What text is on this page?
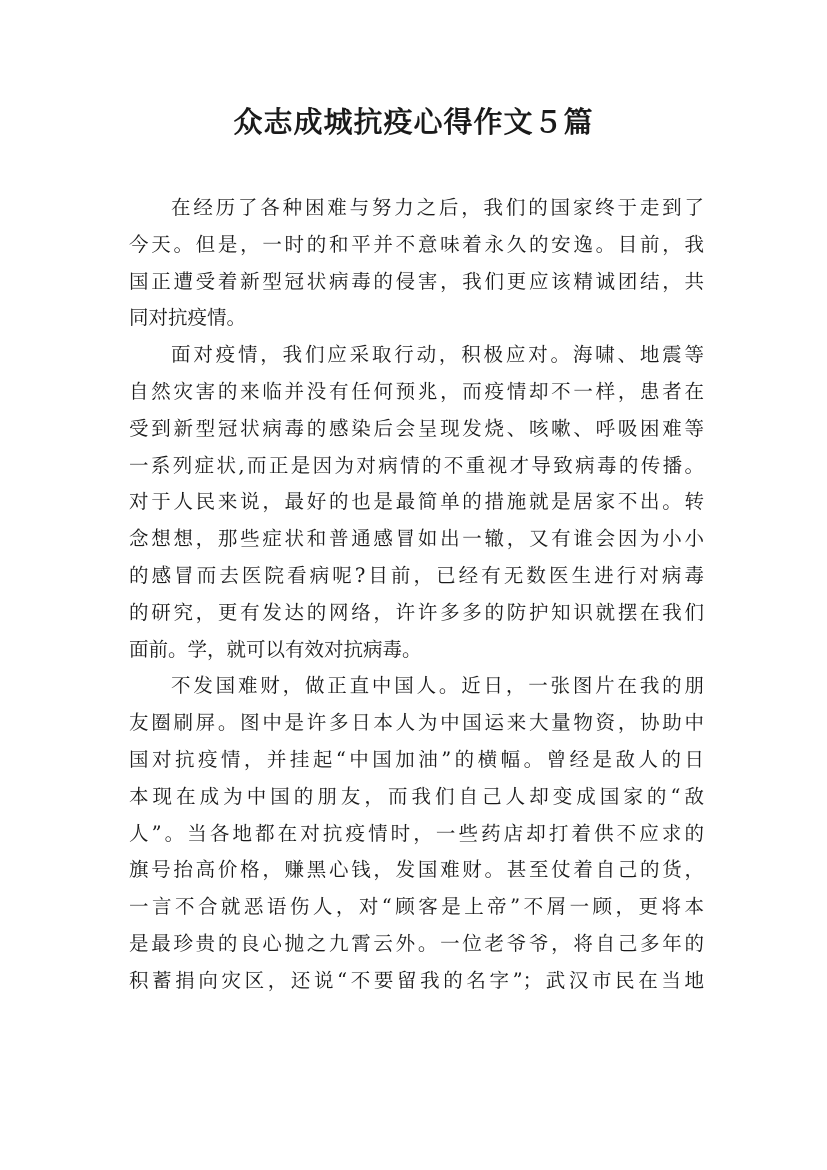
众志成城抗疫心得作文５篇
在经历了各种困难与努力之后，我们的国家终于走到了
今天。但是，一时的和平并不意味着永久的安逸。目前，我
国正遭受着新型冠状病毒的侵害，我们更应该精诚团结，共
同对抗疫情。
面对疫情，我们应采取行动，积极应对。海啸、地震等
自然灾害的来临并没有任何预兆，而疫情却不一样，患者在
受到新型冠状病毒的感染后会呈现发烧、咳嗽、呼吸困难等
一系列症状,而正是因为对病情的不重视才导致病毒的传播。
对于人民来说，最好的也是最简单的措施就是居家不出。转
念想想，那些症状和普通感冒如出一辙，又有谁会因为小小
的感冒而去医院看病呢?目前，已经有无数医生进行对病毒
的研究，更有发达的网络，许许多多的防护知识就摆在我们
面前。学，就可以有效对抗病毒。
不发国难财，做正直中国人。近日，一张图片在我的朋
友圈刷屏。图中是许多日本人为中国运来大量物资，协助中
国对抗疫情，并挂起“中国加油”的横幅。曾经是敌人的日
本现在成为中国的朋友，而我们自己人却变成国家的“敌
人”。当各地都在对抗疫情时，一些药店却打着供不应求的
旗号抬高价格，赚黑心钱，发国难财。甚至仗着自己的货，
一言不合就恶语伤人，对“顾客是上帝”不屑一顾，更将本
是最珍贵的良心抛之九霄云外。一位老爷爷，将自己多年的
积蓄捐向灾区，还说“不要留我的名字”；武汉市民在当地
